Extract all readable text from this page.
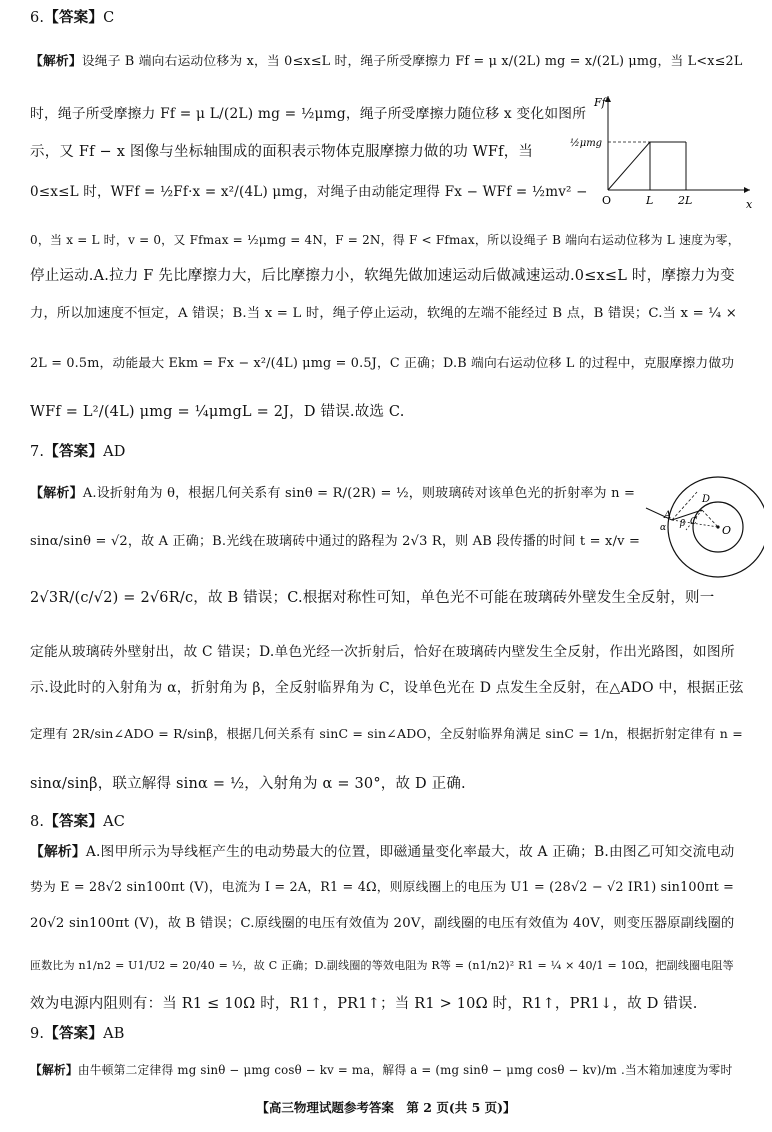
6.【答案】C
【解析】设绳子 B 端向右运动位移为 x，当 0≤x≤L 时，绳子所受摩擦力 Ff = μ x/(2L) mg = x/(2L) μmg，当 L<x≤2L
时，绳子所受摩擦力 Ff = μ L/(2L) mg = ½μmg，绳子所受摩擦力随位移 x 变化如图所
示，又 Ff − x 图像与坐标轴围成的面积表示物体克服摩擦力做的功 WFf，当
0≤x≤L 时，WFf = ½Ff·x = x²/(4L) μmg，对绳子由动能定理得 Fx − WFf = ½mv² −
Ff
½μmg
O	L 2L	x
0，当 x = L 时，v = 0，又 Ffmax = ½μmg = 4N，F = 2N，得 F < Ffmax，所以设绳子 B 端向右运动位移为 L 速度为零，
停止运动.A.拉力 F 先比摩擦力大，后比摩擦力小，软绳先做加速运动后做减速运动.0≤x≤L 时，摩擦力为变
力，所以加速度不恒定，A 错误；B.当 x = L 时，绳子停止运动，软绳的左端不能经过 B 点，B 错误；C.当 x = ¼ ×
2L = 0.5m，动能最大 Ekm = Fx − x²/(4L) μmg = 0.5J，C 正确；D.B 端向右运动位移 L 的过程中，克服摩擦力做功
WFf = L²/(4L) μmg = ¼μmgL = 2J，D 错误.故选 C.
7.【答案】AD
【解析】A.设折射角为 θ，根据几何关系有 sinθ = R/(2R) = ½，则玻璃砖对该单色光的折射率为 n =
sinα/sinθ = √2，故 A 正确；B.光线在玻璃砖中通过的路程为 2√3 R，则 AB 段传播的时间 t = x/v =
A
D
C
O
α β
2√3R/(c/√2) = 2√6R/c，故 B 错误；C.根据对称性可知，单色光不可能在玻璃砖外壁发生全反射，则一
定能从玻璃砖外壁射出，故 C 错误；D.单色光经一次折射后，恰好在玻璃砖内壁发生全反射，作出光路图，如图所
示.设此时的入射角为 α，折射角为 β，全反射临界角为 C，设单色光在 D 点发生全反射，在△ADO 中，根据正弦
定理有 2R/sin∠ADO = R/sinβ，根据几何关系有 sinC = sin∠ADO，全反射临界角满足 sinC = 1/n，根据折射定律有 n =
sinα/sinβ，联立解得 sinα = ½，入射角为 α = 30°，故 D 正确.
8.【答案】AC
【解析】A.图甲所示为导线框产生的电动势最大的位置，即磁通量变化率最大，故 A 正确；B.由图乙可知交流电动
势为 E = 28√2 sin100πt (V)，电流为 I = 2A，R1 = 4Ω，则原线圈上的电压为 U1 = (28√2 − √2 IR1) sin100πt =
20√2 sin100πt (V)，故 B 错误；C.原线圈的电压有效值为 20V，副线圈的电压有效值为 40V，则变压器原副线圈的
匝数比为 n1/n2 = U1/U2 = 20/40 = ½，故 C 正确；D.副线圈的等效电阻为 R等 = (n1/n2)² R1 = ¼ × 40/1 = 10Ω，把副线圈电阻等
效为电源内阻则有：当 R1 ≤ 10Ω 时，R1↑，PR1↑；当 R1 > 10Ω 时，R1↑，PR1↓，故 D 错误.
9.【答案】AB
【解析】由牛顿第二定律得 mg sinθ − μmg cosθ − kv = ma，解得 a = (mg sinθ − μmg cosθ − kv)/m .当木箱加速度为零时
【高三物理试题参考答案　第 2 页(共 5 页)】
